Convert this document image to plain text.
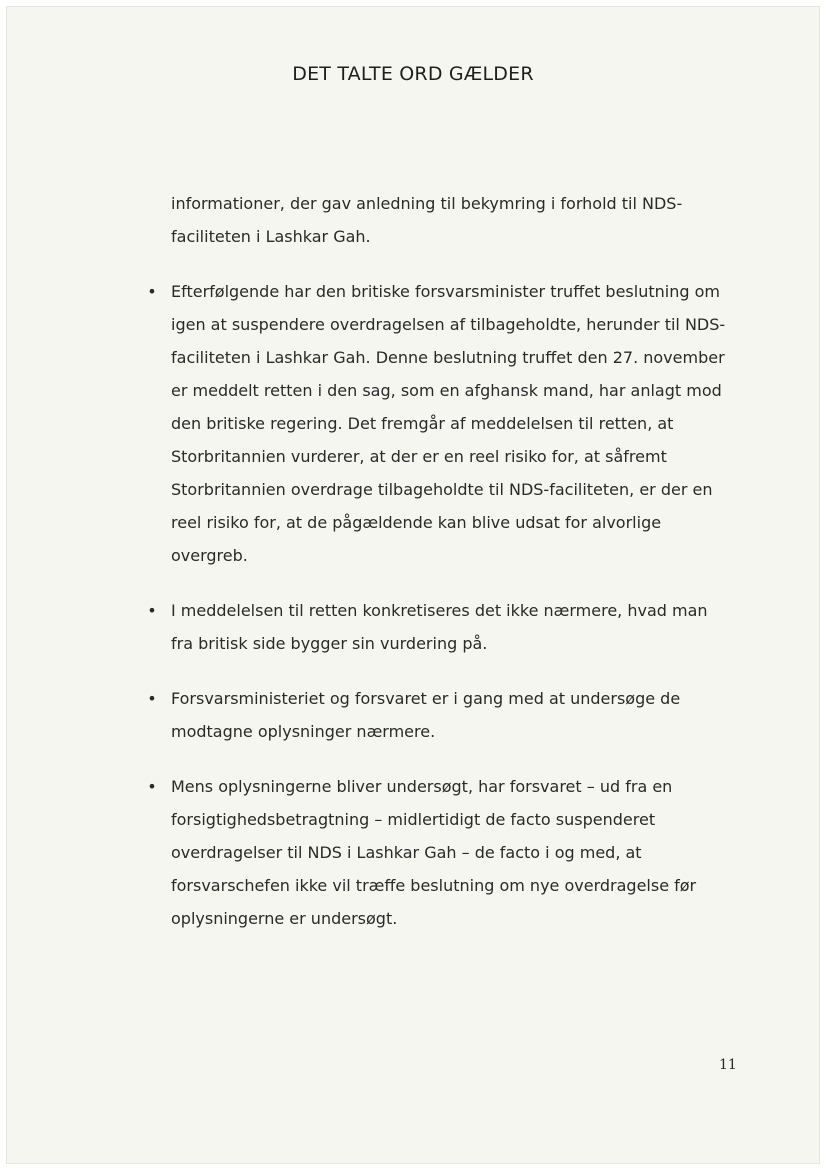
DET TALTE ORD GÆLDER

informationer, der gav anledning til bekymring i forhold til NDS-faciliteten i Lashkar Gah.

• Efterfølgende har den britiske forsvarsminister truffet beslutning om igen at suspendere overdragelsen af tilbageholdte, herunder til NDS-faciliteten i Lashkar Gah. Denne beslutning truffet den 27. november er meddelt retten i den sag, som en afghansk mand, har anlagt mod den britiske regering. Det fremgår af meddelelsen til retten, at Storbritannien vurderer, at der er en reel risiko for, at såfremt Storbritannien overdrage tilbageholdte til NDS-faciliteten, er der en reel risiko for, at de pågældende kan blive udsat for alvorlige overgreb.
• I meddelelsen til retten konkretiseres det ikke nærmere, hvad man fra britisk side bygger sin vurdering på.
• Forsvarsministeriet og forsvaret er i gang med at undersøge de modtagne oplysninger nærmere.
• Mens oplysningerne bliver undersøgt, har forsvaret – ud fra en forsigtighedsbetragtning – midlertidigt de facto suspenderet overdragelser til NDS i Lashkar Gah – de facto i og med, at forsvarschefen ikke vil træffe beslutning om nye overdragelse før oplysningerne er undersøgt.
11
